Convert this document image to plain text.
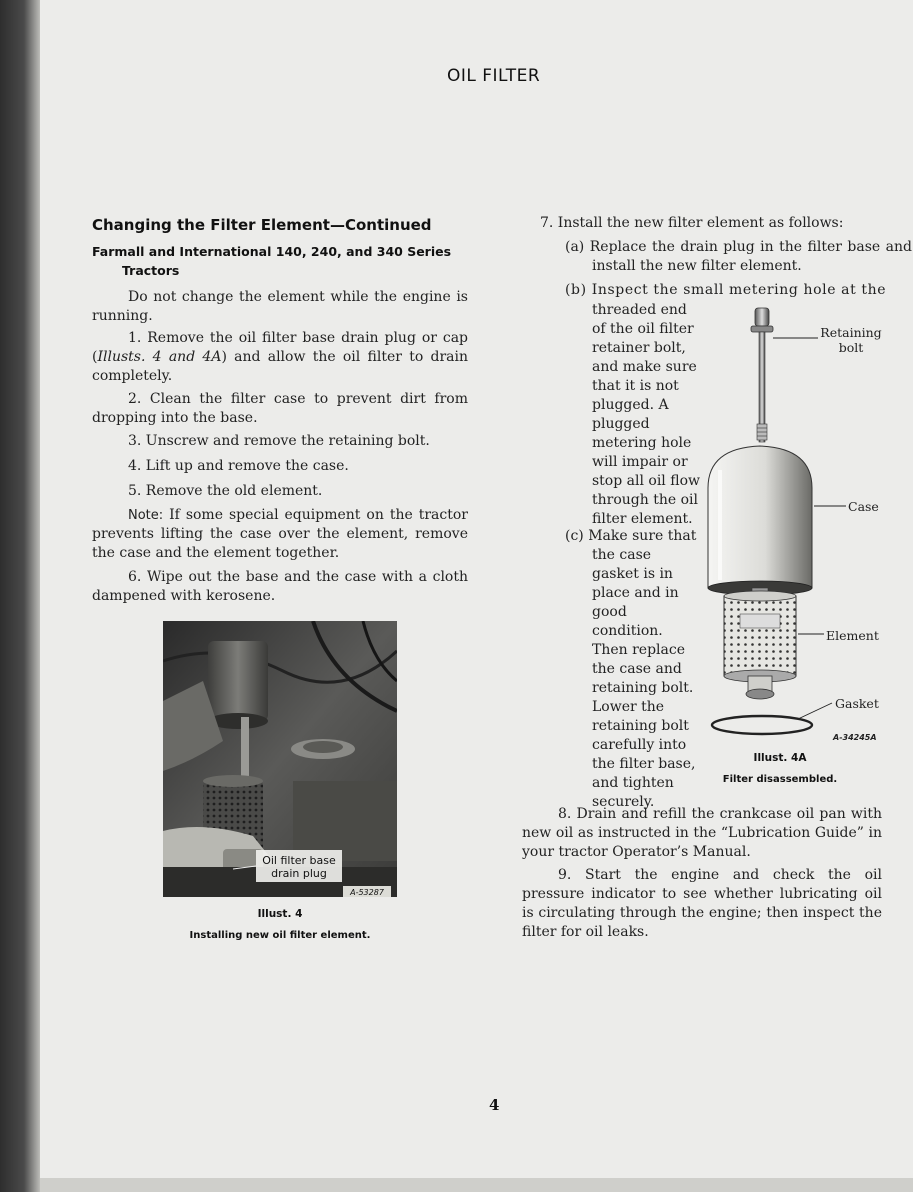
OIL FILTER
Changing the Filter Element—Continued
Farmall and International 140, 240, and 340 Series
Tractors

Do not change the element while the engine is running.

1. Remove the oil filter base drain plug or cap (Illusts. 4 and 4A) and allow the oil filter to drain completely.

2. Clean the filter case to prevent dirt from dropping into the base.

3. Unscrew and remove the retaining bolt.

4. Lift up and remove the case.

5. Remove the old element.

Note: If some special equipment on the tractor prevents lifting the case over the element, remove the case and the element together.

6. Wipe out the base and the case with a cloth dampened with kerosene.

Oil filter base
drain plug
A-53287
Illust. 4
Installing new oil filter element.

7. Install the new filter element as follows:

(a) Replace the drain plug in the filter base and install the new filter element.

(b) Inspect the small metering hole at the

threaded end of the oil filter retainer bolt, and make sure that it is not plugged. A plugged metering hole will impair or stop all oil flow through the oil filter element.

(c) Make sure that

the case gasket is in place and in good condition. Then replace the case and retaining bolt. Lower the retaining bolt carefully into the filter base, and tighten securely.

Retaining
bolt
Case
Element
Gasket
A-34245A
Illust. 4A
Filter disassembled.

8. Drain and refill the crankcase oil pan with new oil as instructed in the “Lubrication Guide” in your tractor Operator’s Manual.

9. Start the engine and check the oil pressure indicator to see whether lubricating oil is circulating through the engine; then inspect the filter for oil leaks.

4
